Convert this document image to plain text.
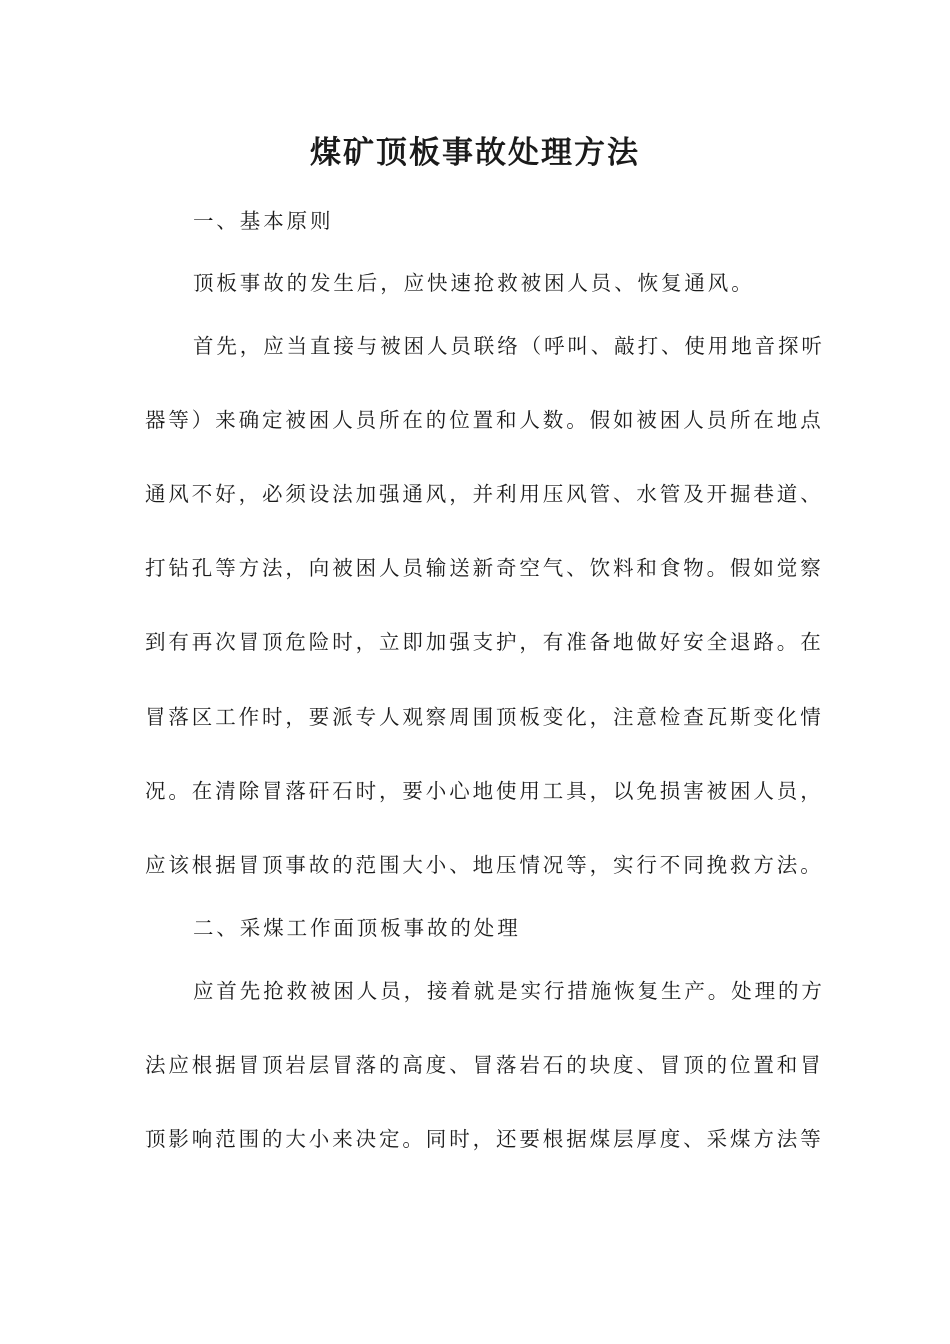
煤矿顶板事故处理方法

一、基本原则

顶板事故的发生后，应快速抢救被困人员、恢复通风。

首先，应当直接与被困人员联络（呼叫、敲打、使用地音探听

器等）来确定被困人员所在的位置和人数。假如被困人员所在地点

通风不好，必须设法加强通风，并利用压风管、水管及开掘巷道、

打钻孔等方法，向被困人员输送新奇空气、饮料和食物。假如觉察

到有再次冒顶危险时，立即加强支护，有准备地做好安全退路。在

冒落区工作时，要派专人观察周围顶板变化，注意检查瓦斯变化情

况。在清除冒落矸石时，要小心地使用工具，以免损害被困人员，

应该根据冒顶事故的范围大小、地压情况等，实行不同挽救方法。

二、采煤工作面顶板事故的处理

应首先抢救被困人员，接着就是实行措施恢复生产。处理的方

法应根据冒顶岩层冒落的高度、冒落岩石的块度、冒顶的位置和冒

顶影响范围的大小来决定。同时，还要根据煤层厚度、采煤方法等
